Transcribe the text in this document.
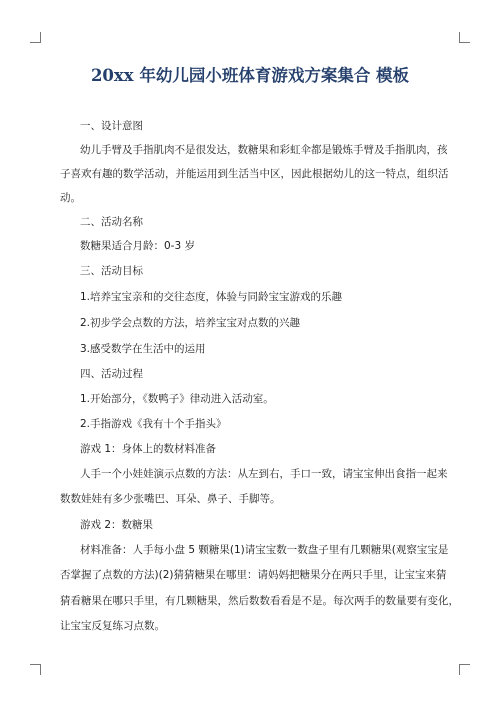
20xx 年幼儿园小班体育游戏方案集合 模板
一、设计意图
幼儿手臂及手指肌肉不是很发达，数糖果和彩虹伞都是锻炼手臂及手指肌肉，孩
子喜欢有趣的数学活动，并能运用到生活当中区，因此根据幼儿的这一特点，组织活
动。
二、活动名称
数糖果适合月龄：0-3 岁
三、活动目标
1.培养宝宝亲和的交往态度，体验与同龄宝宝游戏的乐趣
2.初步学会点数的方法，培养宝宝对点数的兴趣
3.感受数学在生活中的运用
四、活动过程
1.开始部分，《数鸭子》律动进入活动室。
2.手指游戏《我有十个手指头》
游戏 1：身体上的数材料准备
人手一个小娃娃演示点数的方法：从左到右，手口一致，请宝宝伸出食指一起来
数数娃娃有多少张嘴巴、耳朵、鼻子、手脚等。
游戏 2：数糖果
材料准备：人手每小盘 5 颗糖果(1)请宝宝数一数盘子里有几颗糖果(观察宝宝是
否掌握了点数的方法)(2)猜猜糖果在哪里：请妈妈把糖果分在两只手里，让宝宝来猜
猜看糖果在哪只手里，有几颗糖果，然后数数看看是不是。每次两手的数量要有变化，
让宝宝反复练习点数。
